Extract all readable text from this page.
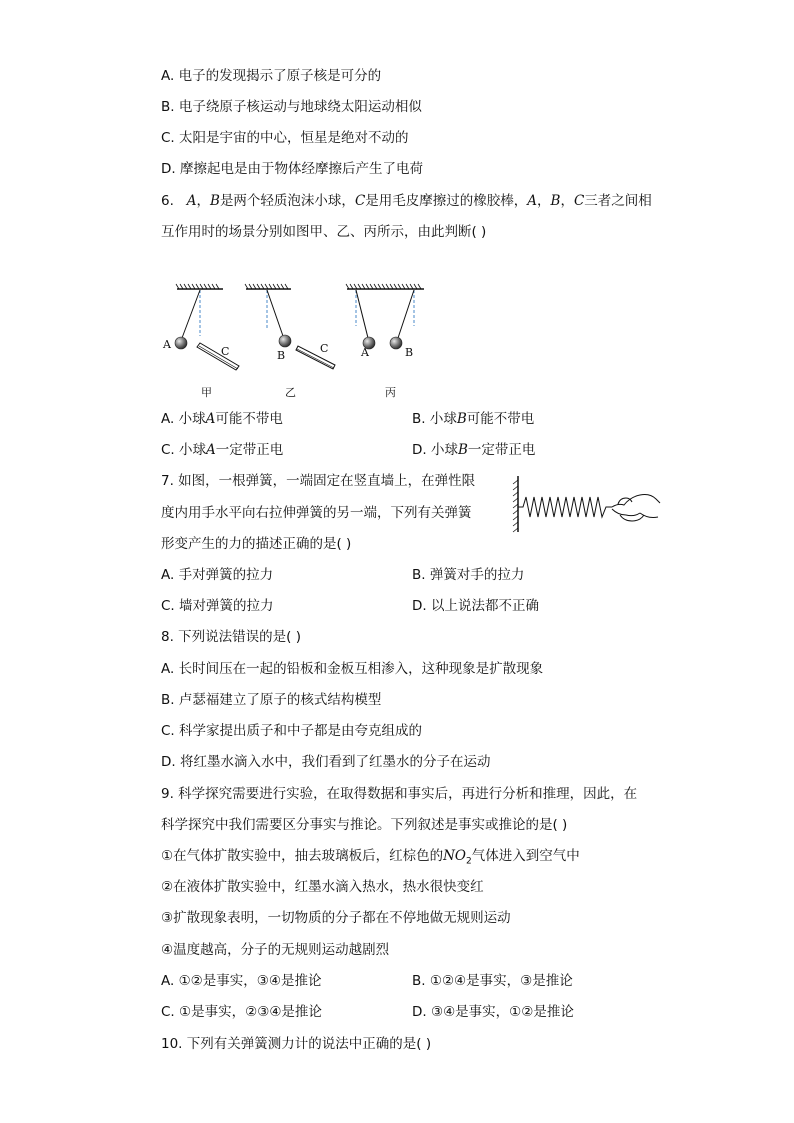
A. 电子的发现揭示了原子核是可分的
B. 电子绕原子核运动与地球绕太阳运动相似
C. 太阳是宇宙的中心，恒星是绝对不动的
D. 摩擦起电是由于物体经摩擦后产生了电荷
6. A，B是两个轻质泡沫小球，C是用毛皮摩擦过的橡胶棒，A，B，C三者之间相
互作用时的场景分别如图甲、乙、丙所示，由此判断( )
A
C
甲
B
C
乙
A	B
丙
A. 小球A可能不带电	B. 小球B可能不带电
C. 小球A一定带正电	D. 小球B一定带正电
7. 如图，一根弹簧，一端固定在竖直墙上，在弹性限
度内用手水平向右拉伸弹簧的另一端，下列有关弹簧
形变产生的力的描述正确的是( )
A. 手对弹簧的拉力	B. 弹簧对手的拉力
C. 墙对弹簧的拉力	D. 以上说法都不正确
8. 下列说法错误的是( )
A. 长时间压在一起的铅板和金板互相渗入，这种现象是扩散现象
B. 卢瑟福建立了原子的核式结构模型
C. 科学家提出质子和中子都是由夸克组成的
D. 将红墨水滴入水中，我们看到了红墨水的分子在运动
9. 科学探究需要进行实验，在取得数据和事实后，再进行分析和推理，因此，在
科学探究中我们需要区分事实与推论。下列叙述是事实或推论的是( )
①在气体扩散实验中，抽去玻璃板后，红棕色的$NO_2$气体进入到空气中
②在液体扩散实验中，红墨水滴入热水，热水很快变红
③扩散现象表明，一切物质的分子都在不停地做无规则运动
④温度越高，分子的无规则运动越剧烈
A. ①②是事实，③④是推论	B. ①②④是事实，③是推论
C. ①是事实，②③④是推论	D. ③④是事实，①②是推论
10. 下列有关弹簧测力计的说法中正确的是( )
